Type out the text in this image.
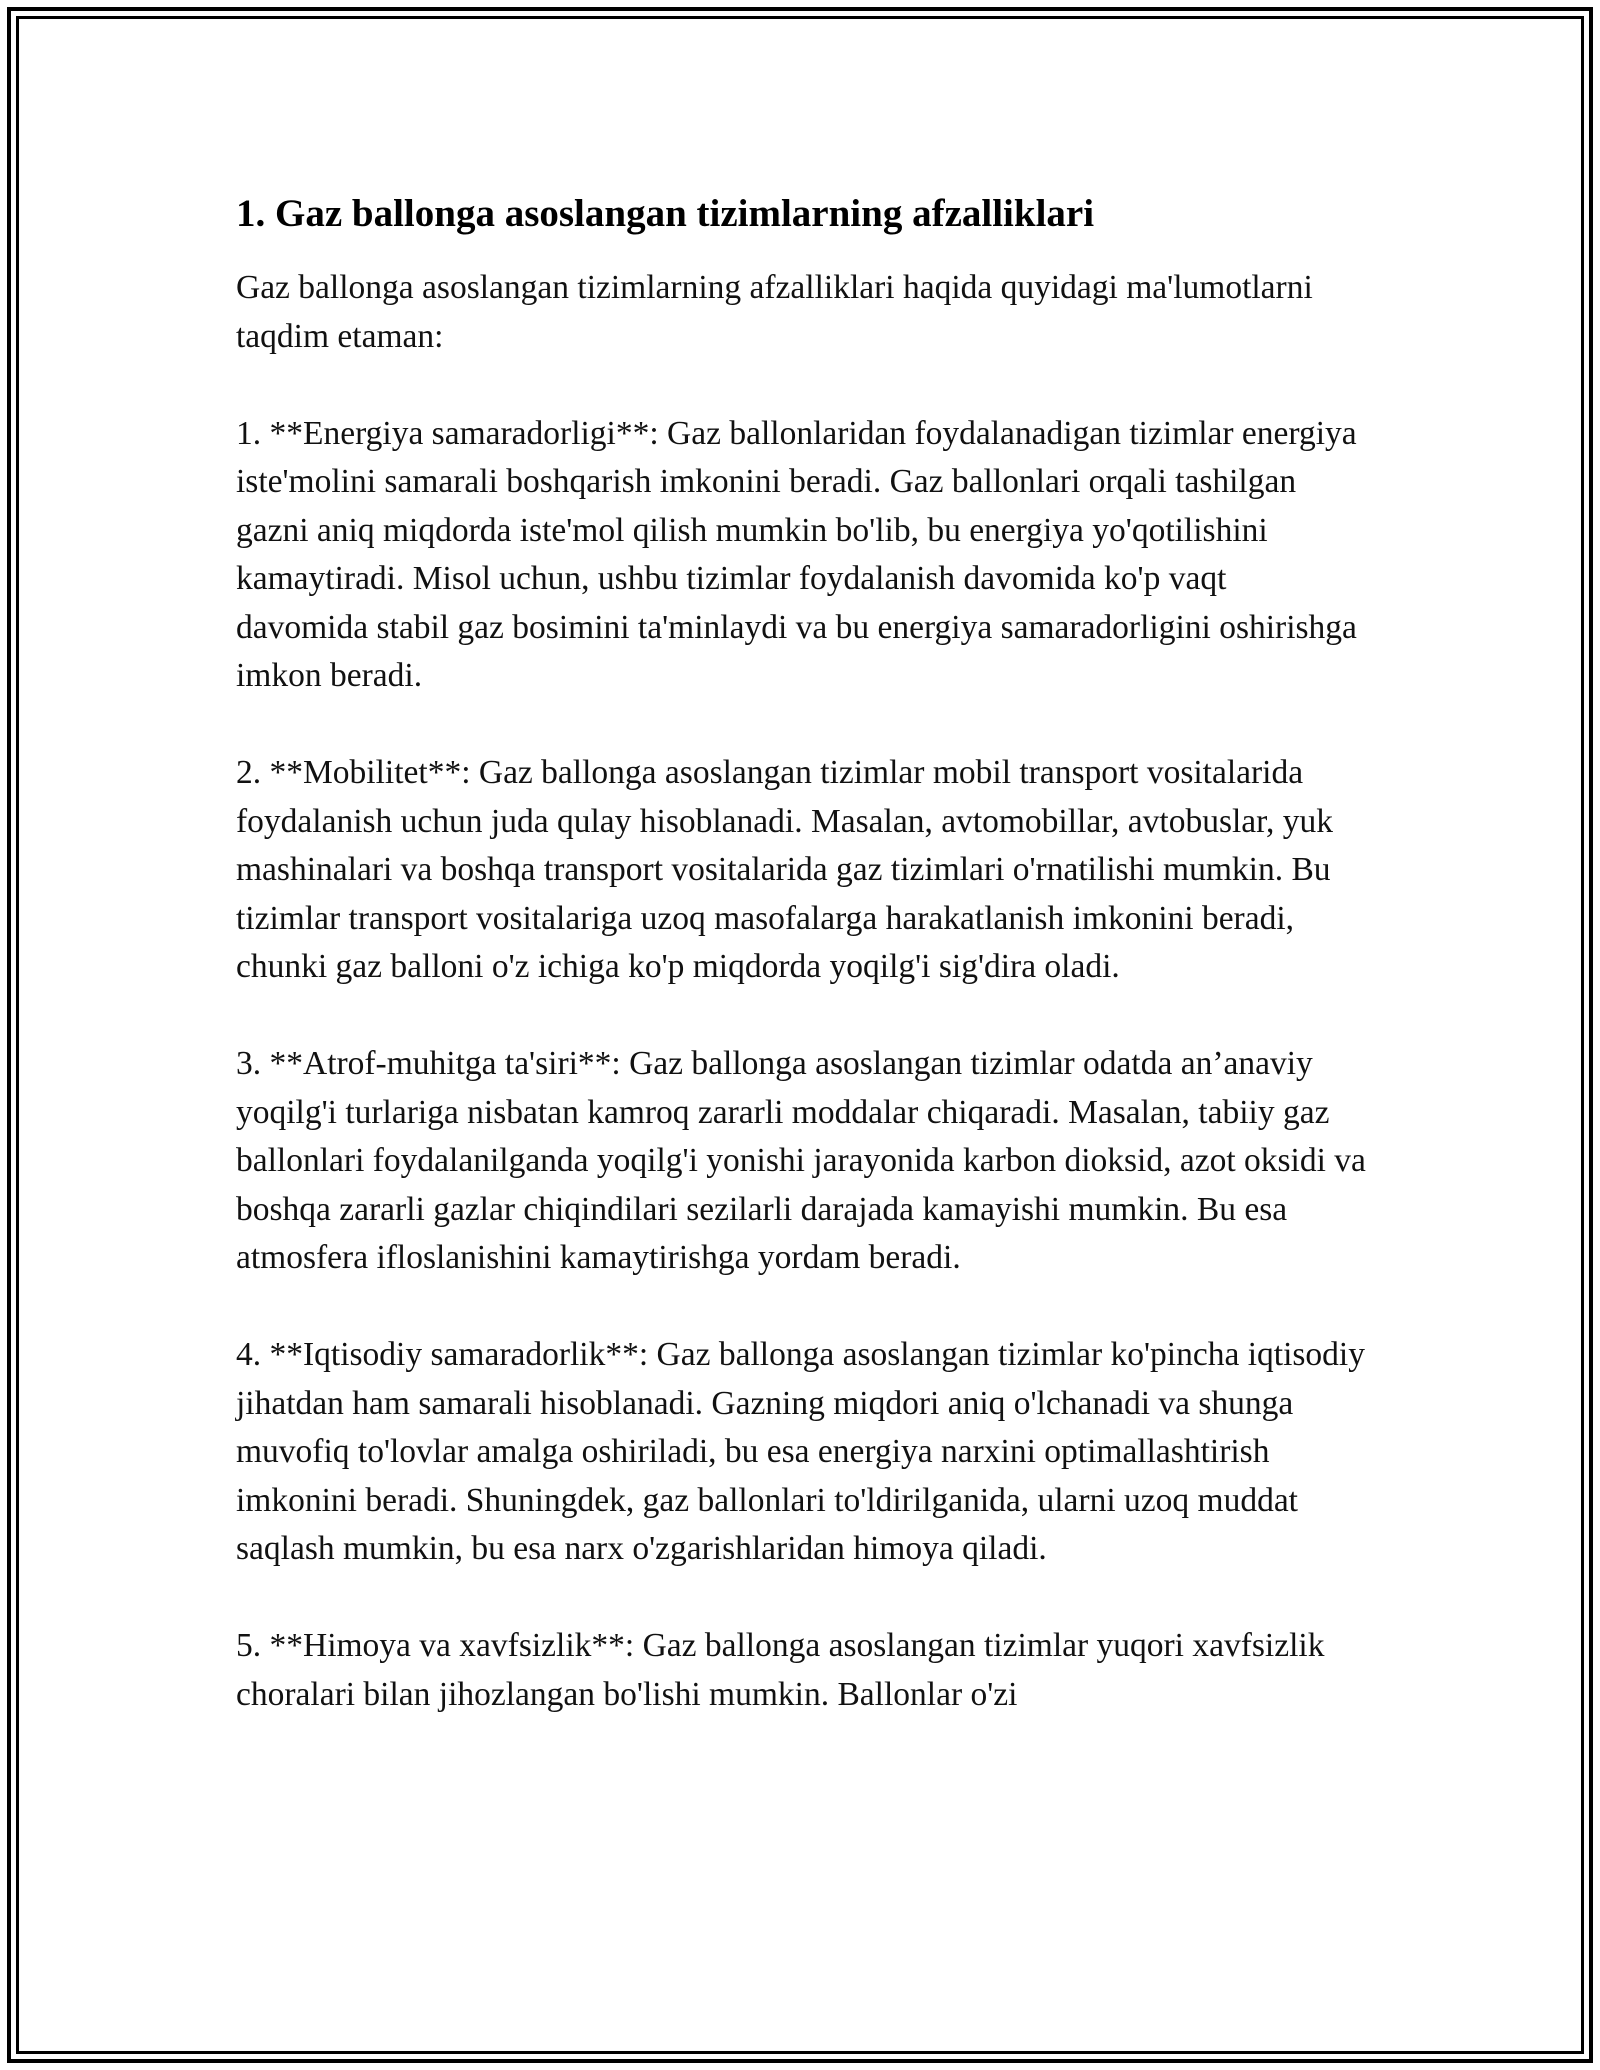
1. Gaz ballonga asoslangan tizimlarning afzalliklari

Gaz ballonga asoslangan tizimlarning afzalliklari haqida quyidagi ma'lumotlarni taqdim etaman:

1. **Energiya samaradorligi**: Gaz ballonlaridan foydalanadigan tizimlar energiya iste'molini samarali boshqarish imkonini beradi. Gaz ballonlari orqali tashilgan gazni aniq miqdorda iste'mol qilish mumkin bo'lib, bu energiya yo'qotilishini kamaytiradi. Misol uchun, ushbu tizimlar foydalanish davomida ko'p vaqt davomida stabil gaz bosimini ta'minlaydi va bu energiya samaradorligini oshirishga imkon beradi.

2. **Mobilitet**: Gaz ballonga asoslangan tizimlar mobil transport vositalarida foydalanish uchun juda qulay hisoblanadi. Masalan, avtomobillar, avtobuslar, yuk mashinalari va boshqa transport vositalarida gaz tizimlari o'rnatilishi mumkin. Bu tizimlar transport vositalariga uzoq masofalarga harakatlanish imkonini beradi, chunki gaz balloni o'z ichiga ko'p miqdorda yoqilg'i sig'dira oladi.

3. **Atrof-muhitga ta'siri**: Gaz ballonga asoslangan tizimlar odatda an’anaviy yoqilg'i turlariga nisbatan kamroq zararli moddalar chiqaradi. Masalan, tabiiy gaz ballonlari foydalanilganda yoqilg'i yonishi jarayonida karbon dioksid, azot oksidi va boshqa zararli gazlar chiqindilari sezilarli darajada kamayishi mumkin. Bu esa atmosfera ifloslanishini kamaytirishga yordam beradi.

4. **Iqtisodiy samaradorlik**: Gaz ballonga asoslangan tizimlar ko'pincha iqtisodiy jihatdan ham samarali hisoblanadi. Gazning miqdori aniq o'lchanadi va shunga muvofiq to'lovlar amalga oshiriladi, bu esa energiya narxini optimallashtirish imkonini beradi. Shuningdek, gaz ballonlari to'ldirilganida, ularni uzoq muddat saqlash mumkin, bu esa narx o'zgarishlaridan himoya qiladi.

5. **Himoya va xavfsizlik**: Gaz ballonga asoslangan tizimlar yuqori xavfsizlik choralari bilan jihozlangan bo'lishi mumkin. Ballonlar o'zi
